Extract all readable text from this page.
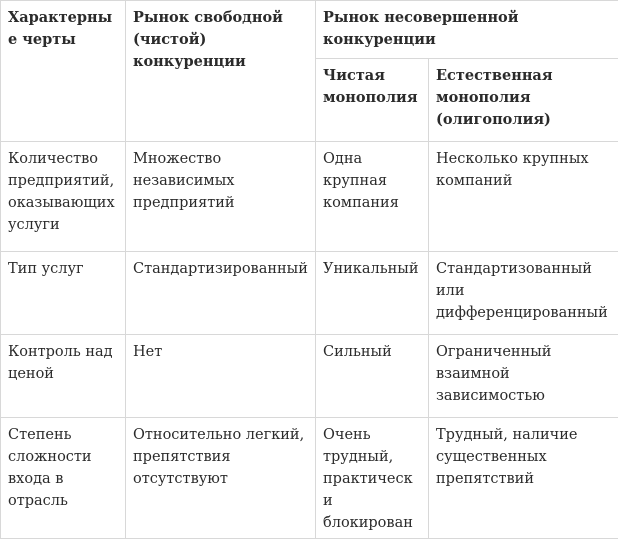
Характерные черты	Рынок свободной (чистой) конкуренции	Рынок несовершенной конкуренции	

		Чистая монополия	Естественная монополия (олигополия)

Количество предприятий, оказывающих услуги	Множество независимых предприятий	Одна крупная компания	Несколько крупных компаний

Тип услуг	Стандартизированный	Уникальный	Стандартизованный или дифференцированный

Контроль над ценой	Нет	Сильный	Ограниченный взаимной зависимостью

Степень сложности входа в отрасль	Относительно легкий, препятствия отсутствуют	Очень трудный, практически блокирован	Трудный, наличие существенных препятствий
